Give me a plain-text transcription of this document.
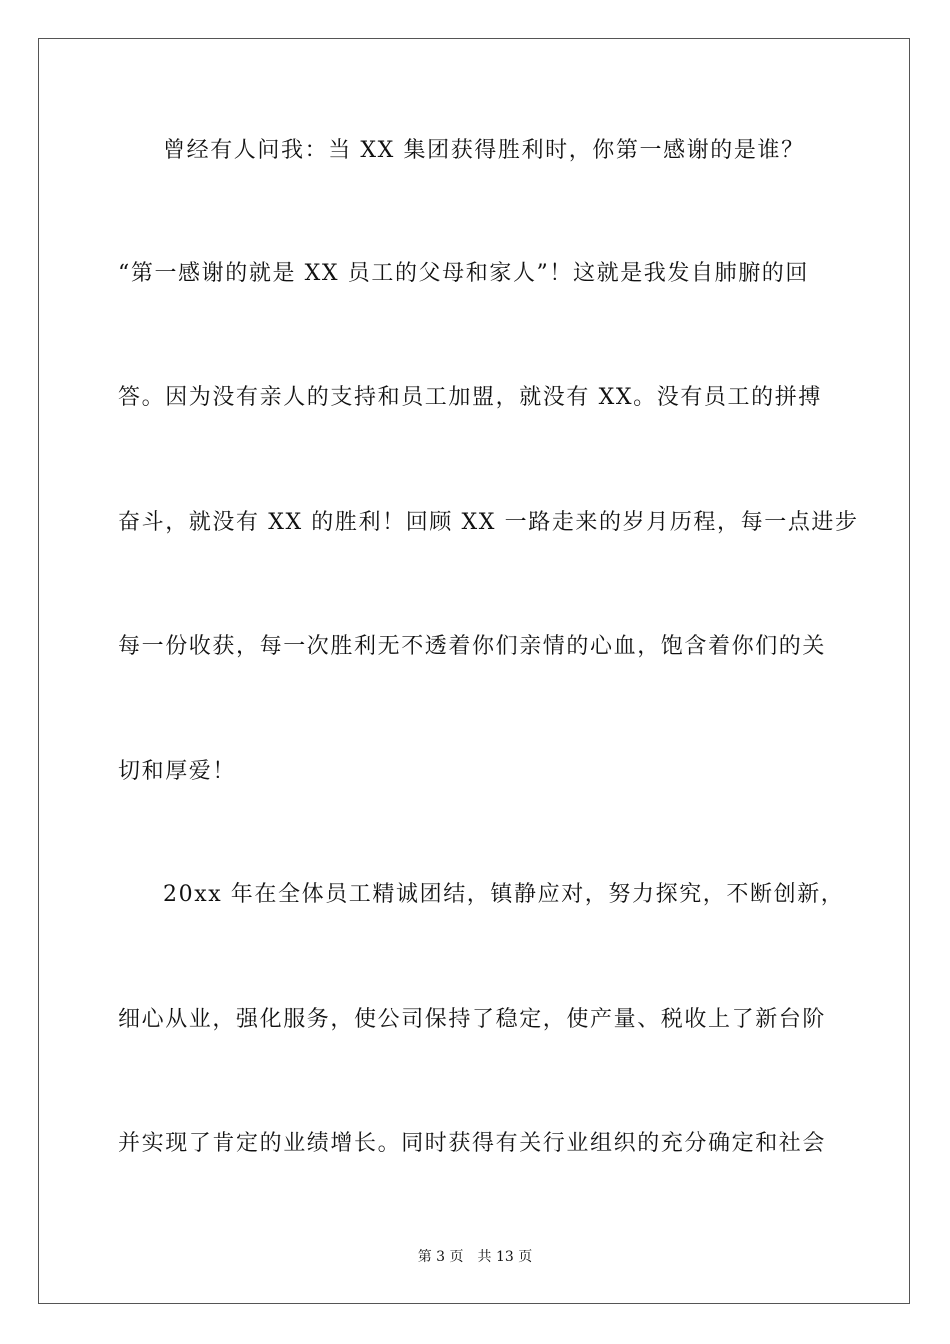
曾经有人问我：当 XX 集团获得胜利时，你第一感谢的是谁？
“第一感谢的就是 XX 员工的父母和家人”！这就是我发自肺腑的回
答。因为没有亲人的支持和员工加盟，就没有 XX。没有员工的拼搏
奋斗，就没有 XX 的胜利！回顾 XX 一路走来的岁月历程，每一点进步
每一份收获，每一次胜利无不透着你们亲情的心血，饱含着你们的关
切和厚爱！
20xx 年在全体员工精诚团结，镇静应对，努力探究，不断创新，
细心从业，强化服务，使公司保持了稳定，使产量、税收上了新台阶
并实现了肯定的业绩增长。同时获得有关行业组织的充分确定和社会
第 3 页　共 13 页
